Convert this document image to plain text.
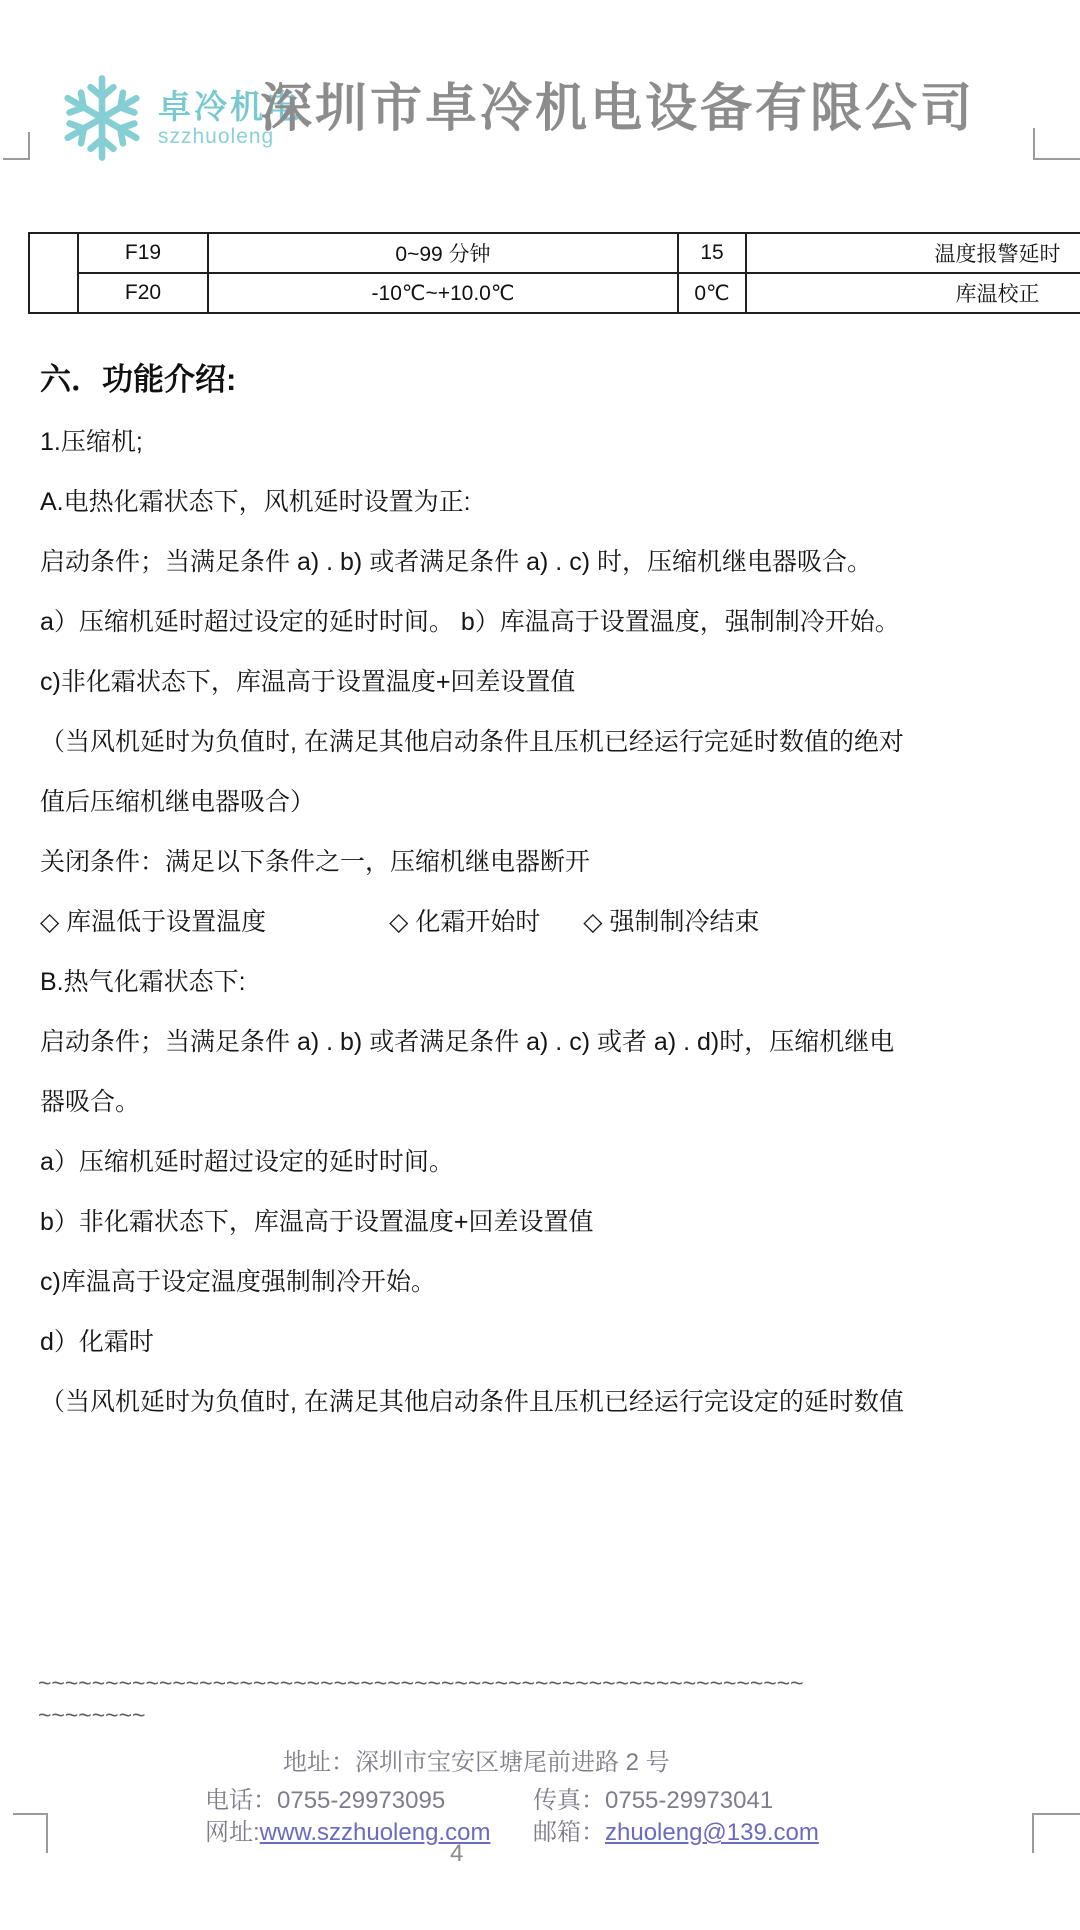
卓冷机电
szzhuoleng
深圳市卓冷机电设备有限公司
	F19	0~99 分钟	15	温度报警延时
	F20	-10℃~+10.0℃	0℃	库温校正
六．功能介绍:

1.压缩机;

A.电热化霜状态下，风机延时设置为正:

启动条件；当满足条件 a) . b) 或者满足条件 a) . c) 时，压缩机继电器吸合。

a）压缩机延时超过设定的延时时间。 b）库温高于设置温度，强制制冷开始。

c)非化霜状态下，库温高于设置温度+回差设置值

（当风机延时为负值时, 在满足其他启动条件且压机已经运行完延时数值的绝对

值后压缩机继电器吸合）

关闭条件：满足以下条件之一，压缩机继电器断开

◇ 库温低于设置温度	◇ 化霜开始时 ◇ 强制制冷结束

B.热气化霜状态下:

启动条件；当满足条件 a) . b) 或者满足条件 a) . c) 或者 a) . d)时，压缩机继电

器吸合。

a）压缩机延时超过设定的延时时间。

b）非化霜状态下，库温高于设置温度+回差设置值

c)库温高于设定温度强制制冷开始。

d）化霜时

（当风机延时为负值时, 在满足其他启动条件且压机已经运行完设定的延时数值

~~~~~~~~~~~~~~~~~~~~~~~~~~~~~~~~~~~~~~~~~~~~~~~~~~~~~~~~~
~~~~~~~~
地址：深圳市宝安区塘尾前进路 2 号
电话：0755-29973095	传真：0755-29973041
网址:www.szzhuoleng.com 邮箱：zhuoleng@139.com
4
